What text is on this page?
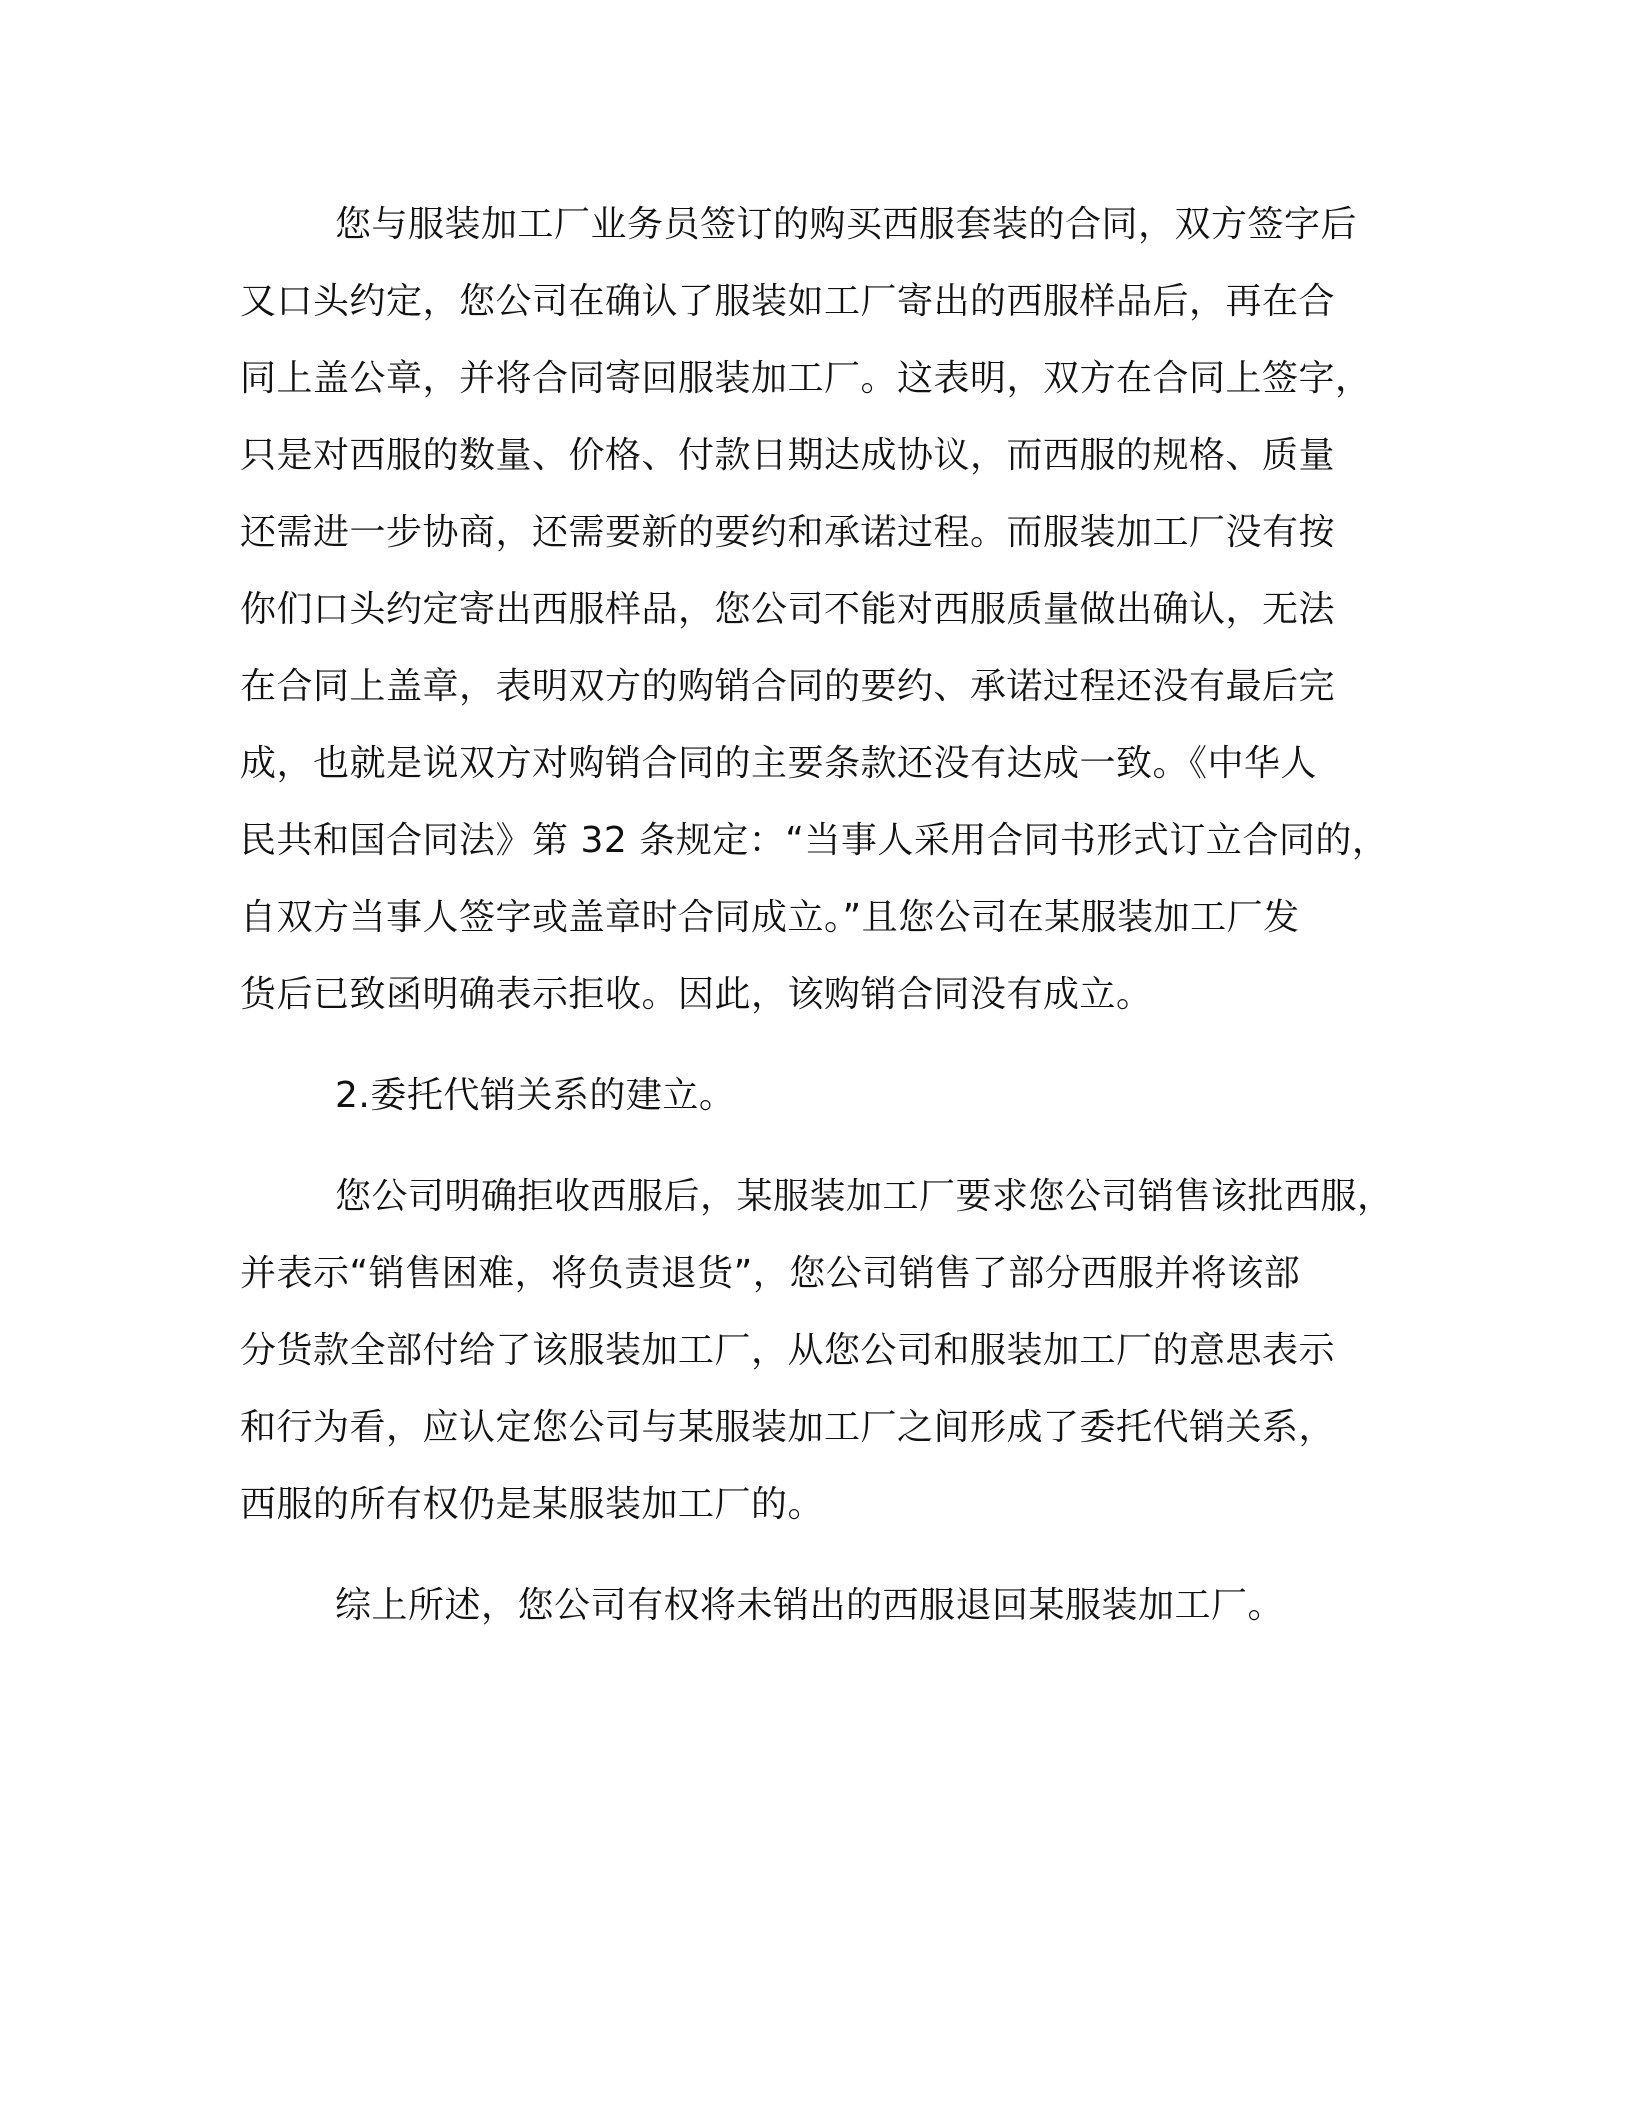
您与服装加工厂业务员签订的购买西服套装的合同，双方签字后
又口头约定，您公司在确认了服装如工厂寄出的西服样品后，再在合
同上盖公章，并将合同寄回服装加工厂。这表明，双方在合同上签字，
只是对西服的数量、价格、付款日期达成协议，而西服的规格、质量
还需进一步协商，还需要新的要约和承诺过程。而服装加工厂没有按
你们口头约定寄出西服样品，您公司不能对西服质量做出确认，无法
在合同上盖章，表明双方的购销合同的要约、承诺过程还没有最后完
成，也就是说双方对购销合同的主要条款还没有达成一致。《中华人
民共和国合同法》第 32 条规定：“当事人采用合同书形式订立合同的，
自双方当事人签字或盖章时合同成立。”且您公司在某服装加工厂发
货后已致函明确表示拒收。因此，该购销合同没有成立。
2.委托代销关系的建立。
您公司明确拒收西服后，某服装加工厂要求您公司销售该批西服，
并表示“销售困难，将负责退货”，您公司销售了部分西服并将该部
分货款全部付给了该服装加工厂，从您公司和服装加工厂的意思表示
和行为看，应认定您公司与某服装加工厂之间形成了委托代销关系，
西服的所有权仍是某服装加工厂的。
综上所述，您公司有权将未销出的西服退回某服装加工厂。
